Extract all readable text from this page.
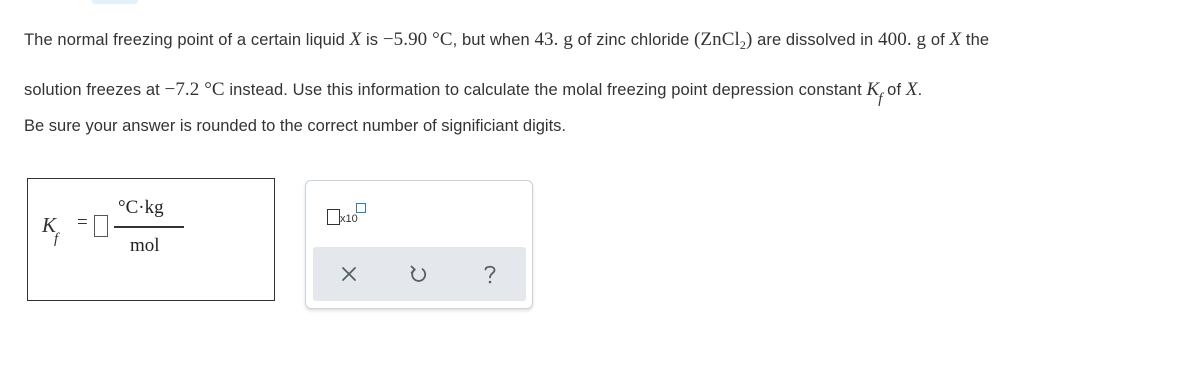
The normal freezing point of a certain liquid X is −5.90 °C, but when 43. g of zinc chloride (ZnCl$_2$) are dissolved in 400. g of X the
solution freezes at −7.2 °C instead. Use this information to calculate the molal freezing point depression constant Kf of X.
Be sure your answer is rounded to the correct number of significiant digits.
K
f
=
°C·kg
mol
x10
